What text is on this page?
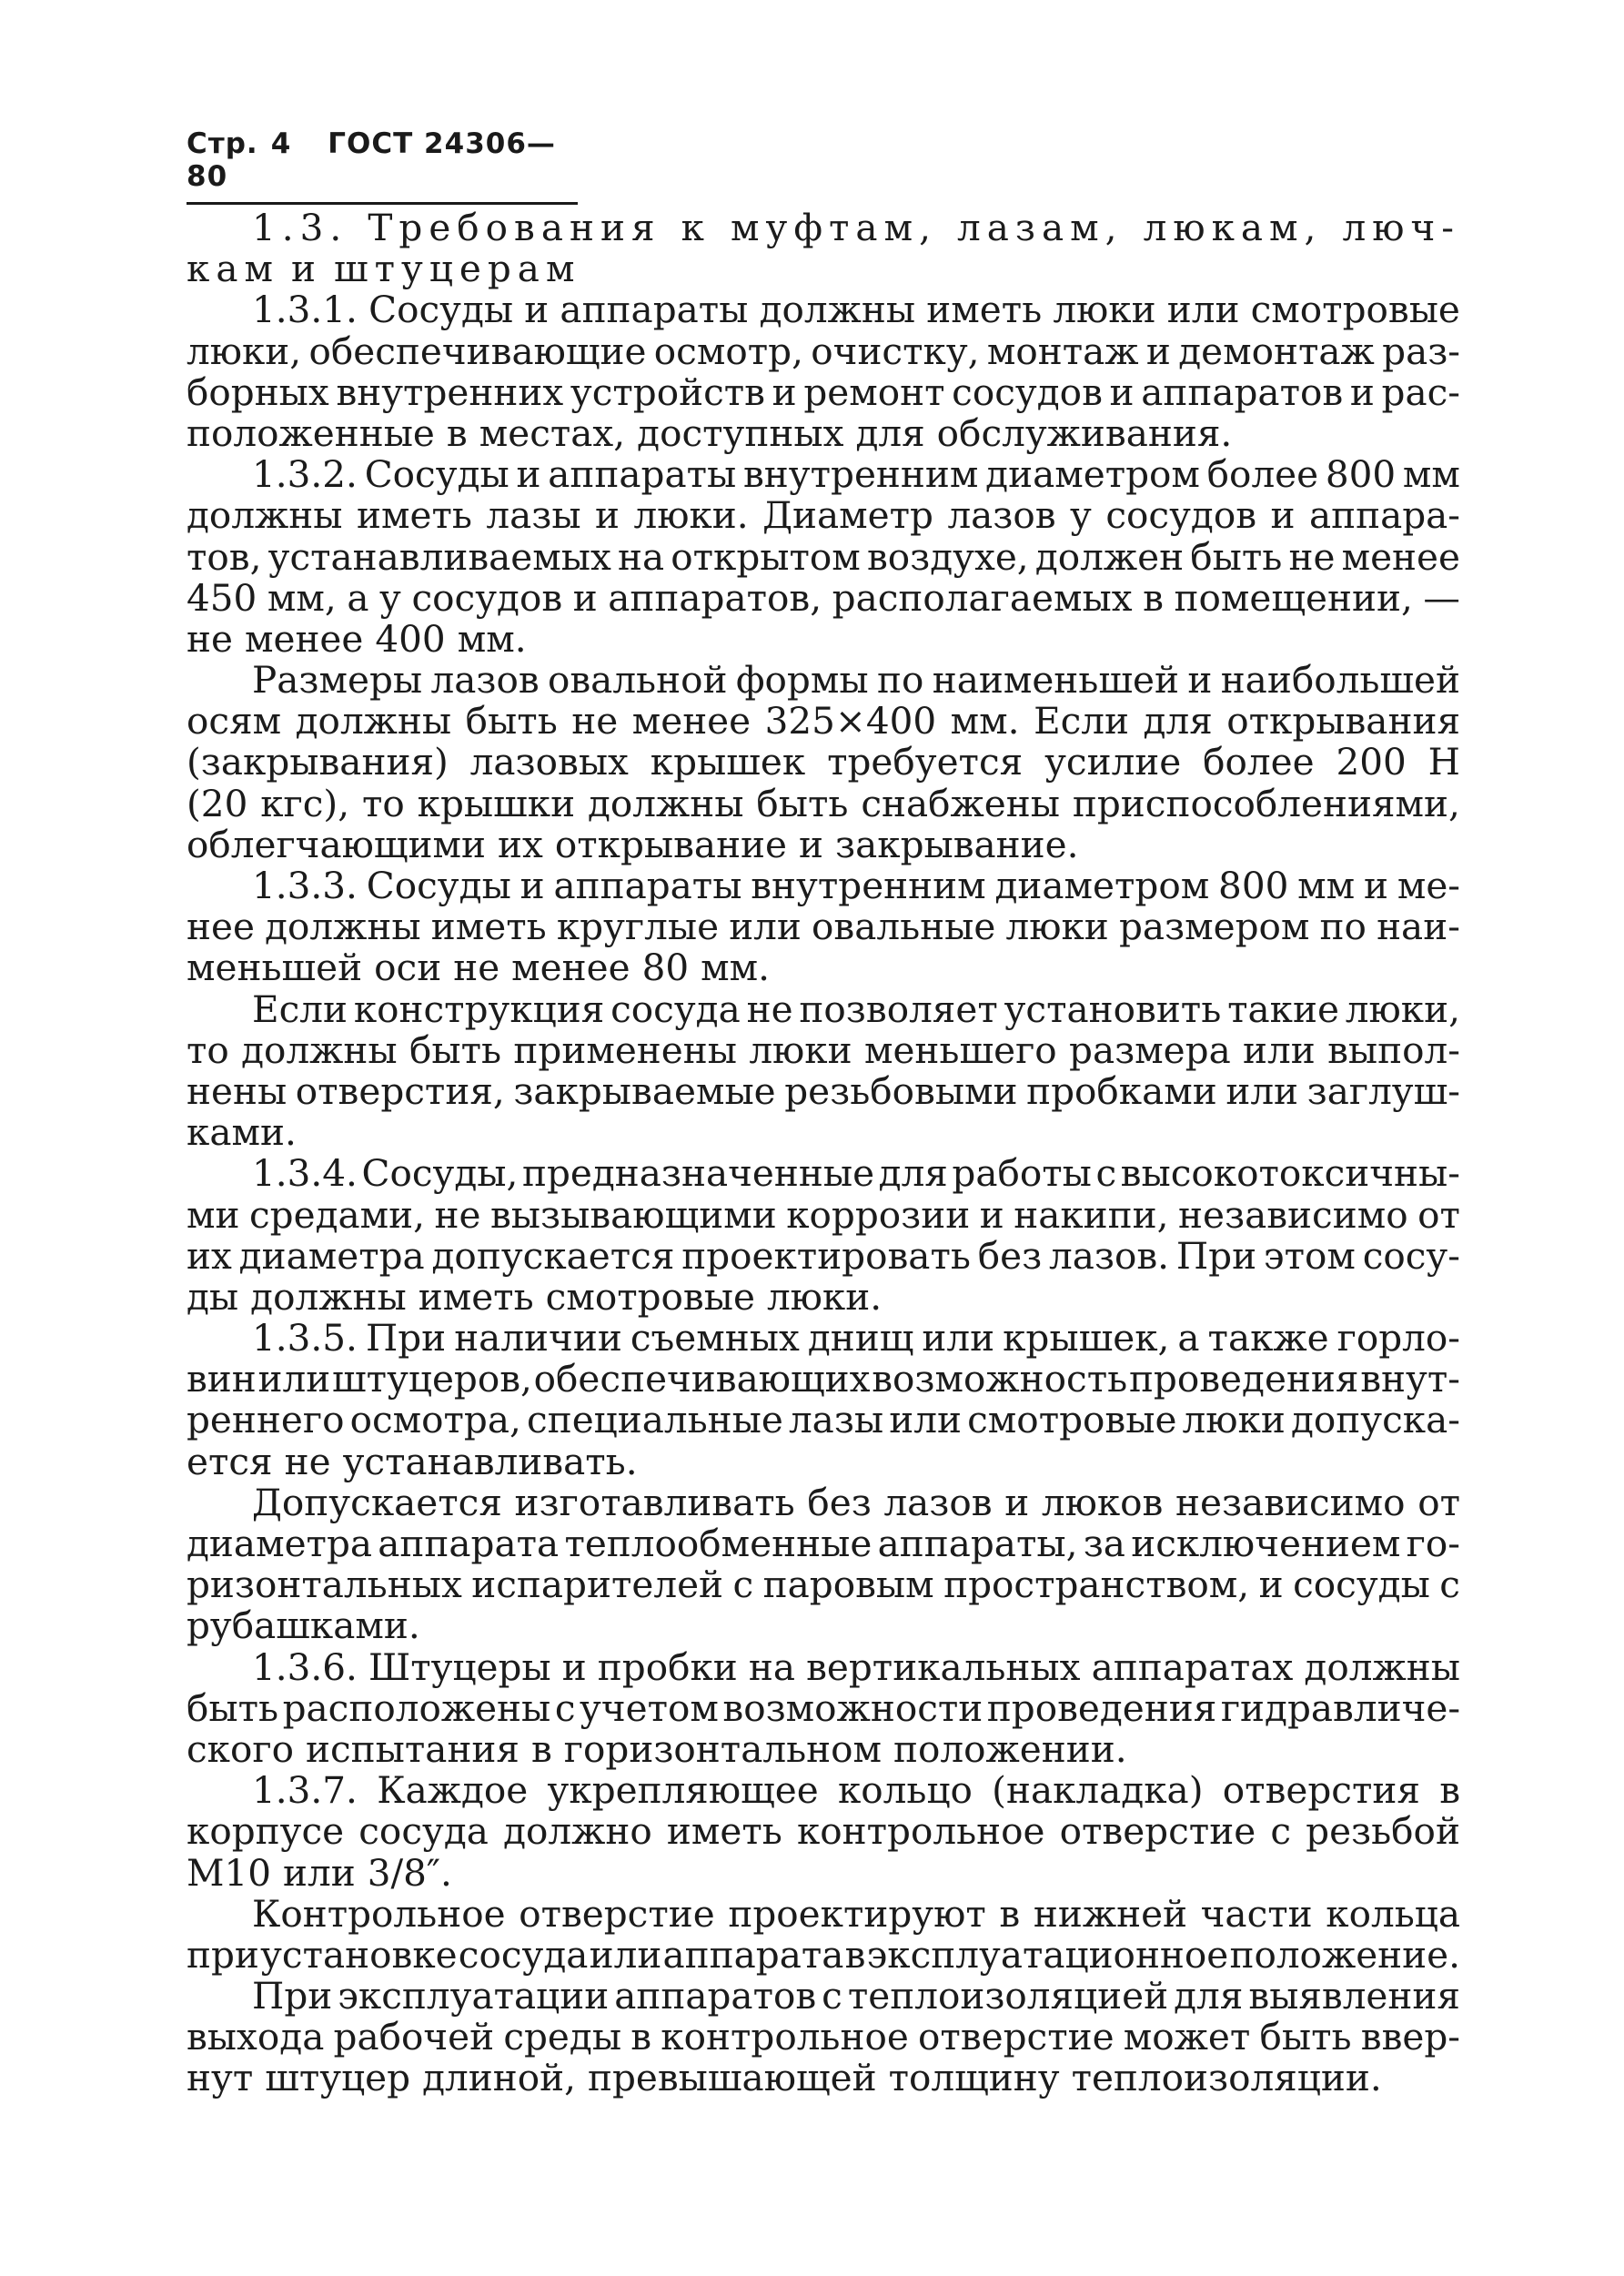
Стр. 4 ГОСТ 24306—80
1.3. Требования к муфтам, лазам, люкам, люч-
кам и штуцерам
1.3.1. Сосуды и аппараты должны иметь люки или смотровые
люки, обеспечивающие осмотр, очистку, монтаж и демонтаж раз-
борных внутренних устройств и ремонт сосудов и аппаратов и рас-
положенные в местах, доступных для обслуживания.
1.3.2. Сосуды и аппараты внутренним диаметром более 800 мм
должны иметь лазы и люки. Диаметр лазов у сосудов и аппара-
тов, устанавливаемых на открытом воздухе, должен быть не менее
450 мм, а у сосудов и аппаратов, располагаемых в помещении, —
не менее 400 мм.
Размеры лазов овальной формы по наименьшей и наибольшей
осям должны быть не менее 325×400 мм. Если для открывания
(закрывания) лазовых крышек требуется усилие более 200 Н
(20 кгс), то крышки должны быть снабжены приспособлениями,
облегчающими их открывание и закрывание.
1.3.3. Сосуды и аппараты внутренним диаметром 800 мм и ме-
нее должны иметь круглые или овальные люки размером по наи-
меньшей оси не менее 80 мм.
Если конструкция сосуда не позволяет установить такие люки,
то должны быть применены люки меньшего размера или выпол-
нены отверстия, закрываемые резьбовыми пробками или заглуш-
ками.
1.3.4. Сосуды, предназначенные для работы с высокотоксичны-
ми средами, не вызывающими коррозии и накипи, независимо от
их диаметра допускается проектировать без лазов. При этом сосу-
ды должны иметь смотровые люки.
1.3.5. При наличии съемных днищ или крышек, а также горло-
вин или штуцеров, обеспечивающих возможность проведения внут-
реннего осмотра, специальные лазы или смотровые люки допуска-
ется не устанавливать.
Допускается изготавливать без лазов и люков независимо от
диаметра аппарата теплообменные аппараты, за исключением го-
ризонтальных испарителей с паровым пространством, и сосуды с
рубашками.
1.3.6. Штуцеры и пробки на вертикальных аппаратах должны
быть расположены с учетом возможности проведения гидравличе-
ского испытания в горизонтальном положении.
1.3.7. Каждое укрепляющее кольцо (накладка) отверстия в
корпусе сосуда должно иметь контрольное отверстие с резьбой
М10 или 3/8″.
Контрольное отверстие проектируют в нижней части кольца
при установке сосуда или аппарата в эксплуатационное положение.
При эксплуатации аппаратов с теплоизоляцией для выявления
выхода рабочей среды в контрольное отверстие может быть ввер-
нут штуцер длиной, превышающей толщину теплоизоляции.
